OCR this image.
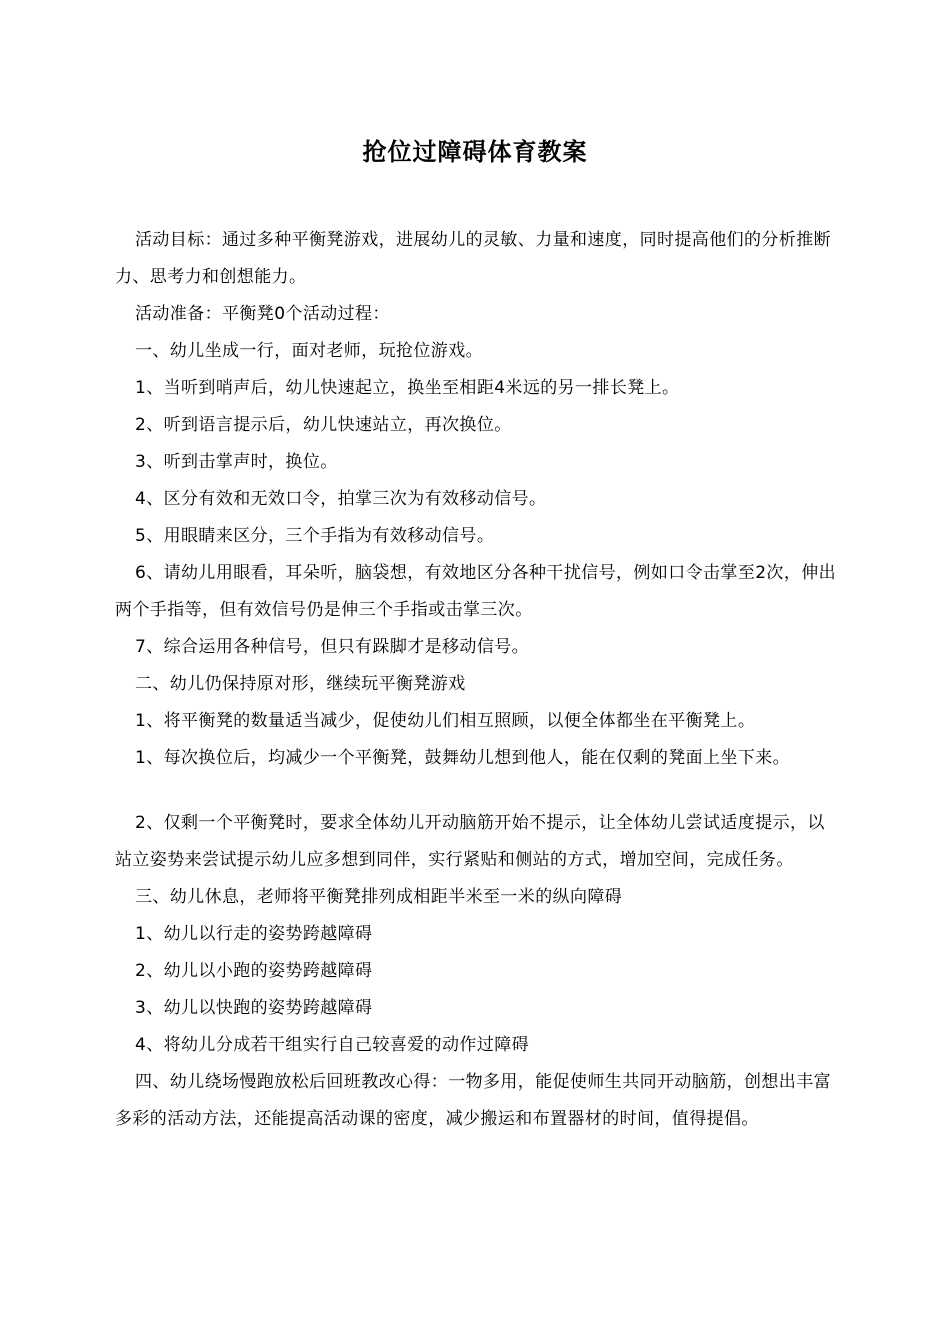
抢位过障碍体育教案

活动目标：通过多种平衡凳游戏，进展幼儿的灵敏、力量和速度，同时提高他们的分析推断力、思考力和创想能力。

活动准备：平衡凳0个活动过程：

一、幼儿坐成一行，面对老师，玩抢位游戏。

1、当听到哨声后，幼儿快速起立，换坐至相距4米远的另一排长凳上。

2、听到语言提示后，幼儿快速站立，再次换位。

3、听到击掌声时，换位。

4、区分有效和无效口令，拍掌三次为有效移动信号。

5、用眼睛来区分，三个手指为有效移动信号。

6、请幼儿用眼看，耳朵听，脑袋想，有效地区分各种干扰信号，例如口令击掌至2次，伸出两个手指等，但有效信号仍是伸三个手指或击掌三次。

7、综合运用各种信号，但只有跺脚才是移动信号。

二、幼儿仍保持原对形，继续玩平衡凳游戏

1、将平衡凳的数量适当减少，促使幼儿们相互照顾，以便全体都坐在平衡凳上。

1、每次换位后，均减少一个平衡凳，鼓舞幼儿想到他人，能在仅剩的凳面上坐下来。

2、仅剩一个平衡凳时，要求全体幼儿开动脑筋开始不提示，让全体幼儿尝试适度提示，以站立姿势来尝试提示幼儿应多想到同伴，实行紧贴和侧站的方式，增加空间，完成任务。

三、幼儿休息，老师将平衡凳排列成相距半米至一米的纵向障碍

1、幼儿以行走的姿势跨越障碍

2、幼儿以小跑的姿势跨越障碍

3、幼儿以快跑的姿势跨越障碍

4、将幼儿分成若干组实行自己较喜爱的动作过障碍

四、幼儿绕场慢跑放松后回班教改心得：一物多用，能促使师生共同开动脑筋，创想出丰富多彩的活动方法，还能提高活动课的密度，减少搬运和布置器材的时间，值得提倡。
